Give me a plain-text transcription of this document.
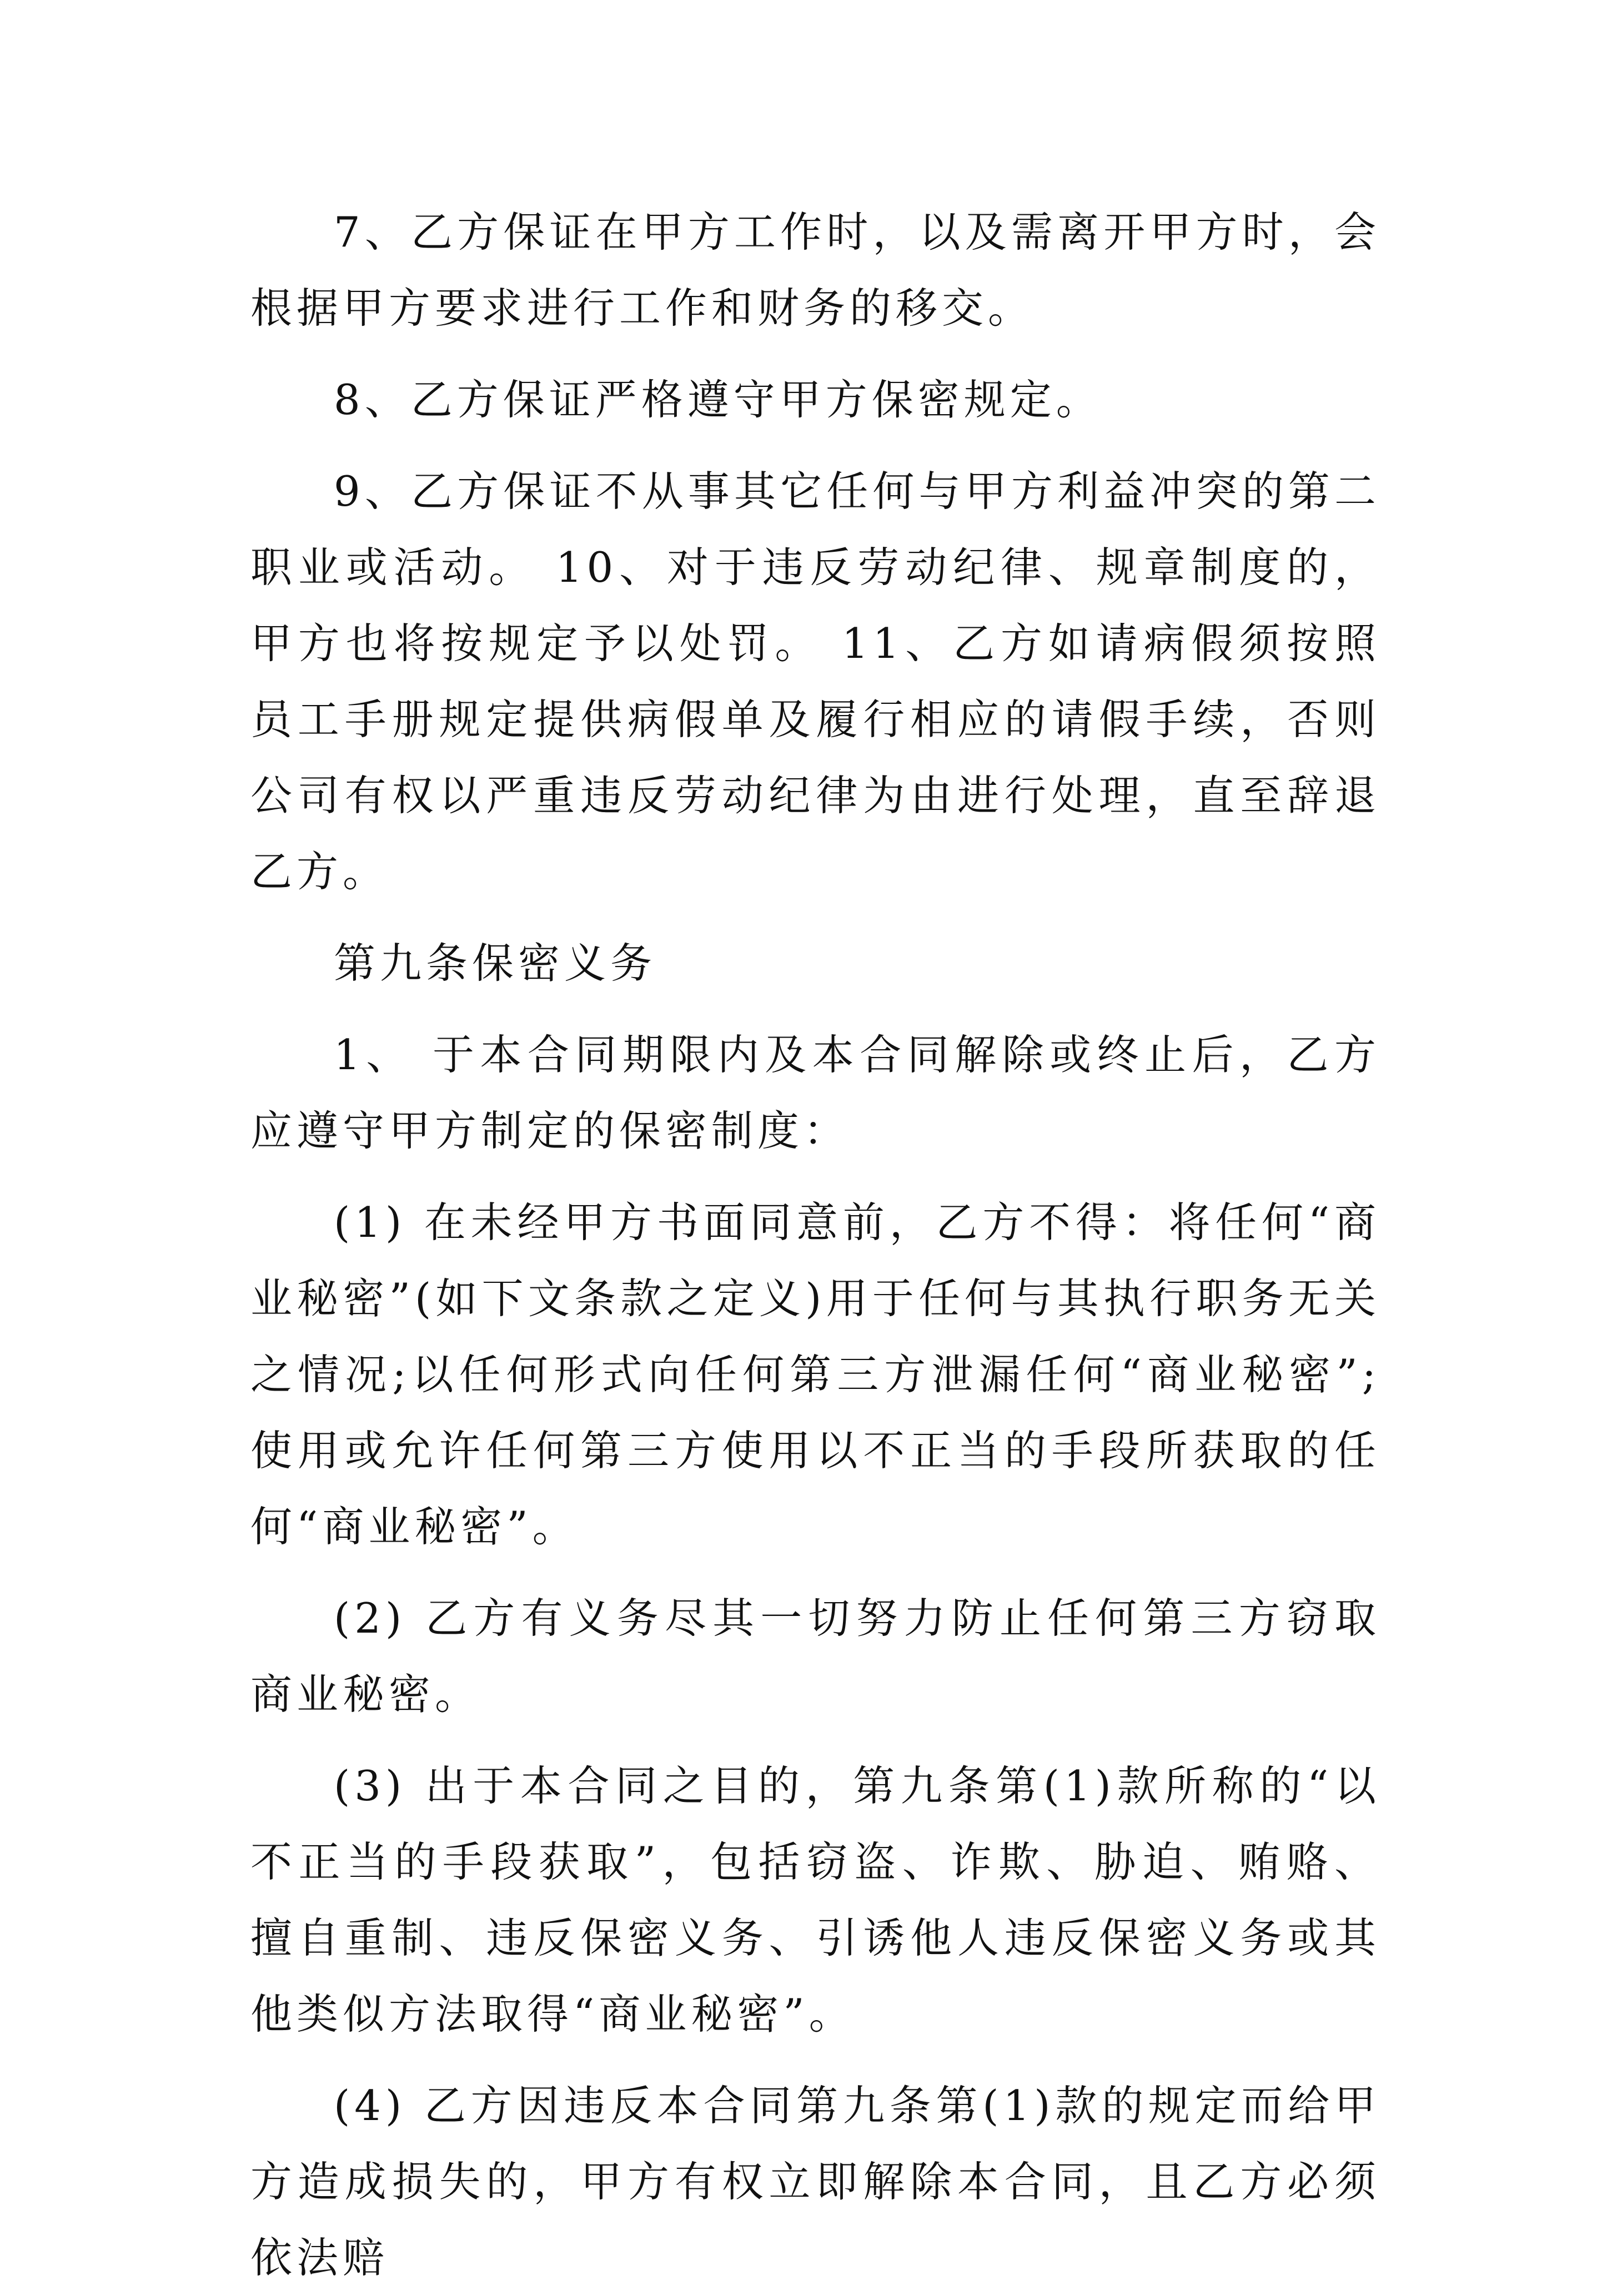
7、乙方保证在甲方工作时，以及需离开甲方时，会根据甲方要求进行工作和财务的移交。

8、乙方保证严格遵守甲方保密规定。

9、乙方保证不从事其它任何与甲方利益冲突的第二职业或活动。 10、对于违反劳动纪律、规章制度的，甲方也将按规定予以处罚。 11、乙方如请病假须按照员工手册规定提供病假单及履行相应的请假手续，否则公司有权以严重违反劳动纪律为由进行处理，直至辞退乙方。

第九条保密义务

1、 于本合同期限内及本合同解除或终止后，乙方应遵守甲方制定的保密制度：

(1) 在未经甲方书面同意前，乙方不得：将任何“商业秘密”(如下文条款之定义)用于任何与其执行职务无关之情况;以任何形式向任何第三方泄漏任何“商业秘密”;使用或允许任何第三方使用以不正当的手段所获取的任何“商业秘密”。

(2) 乙方有义务尽其一切努力防止任何第三方窃取商业秘密。

(3) 出于本合同之目的，第九条第(1)款所称的“以不正当的手段获取”，包括窃盗、诈欺、胁迫、贿赂、擅自重制、违反保密义务、引诱他人违反保密义务或其他类似方法取得“商业秘密”。

(4) 乙方因违反本合同第九条第(1)款的规定而给甲方造成损失的，甲方有权立即解除本合同，且乙方必须依法赔
